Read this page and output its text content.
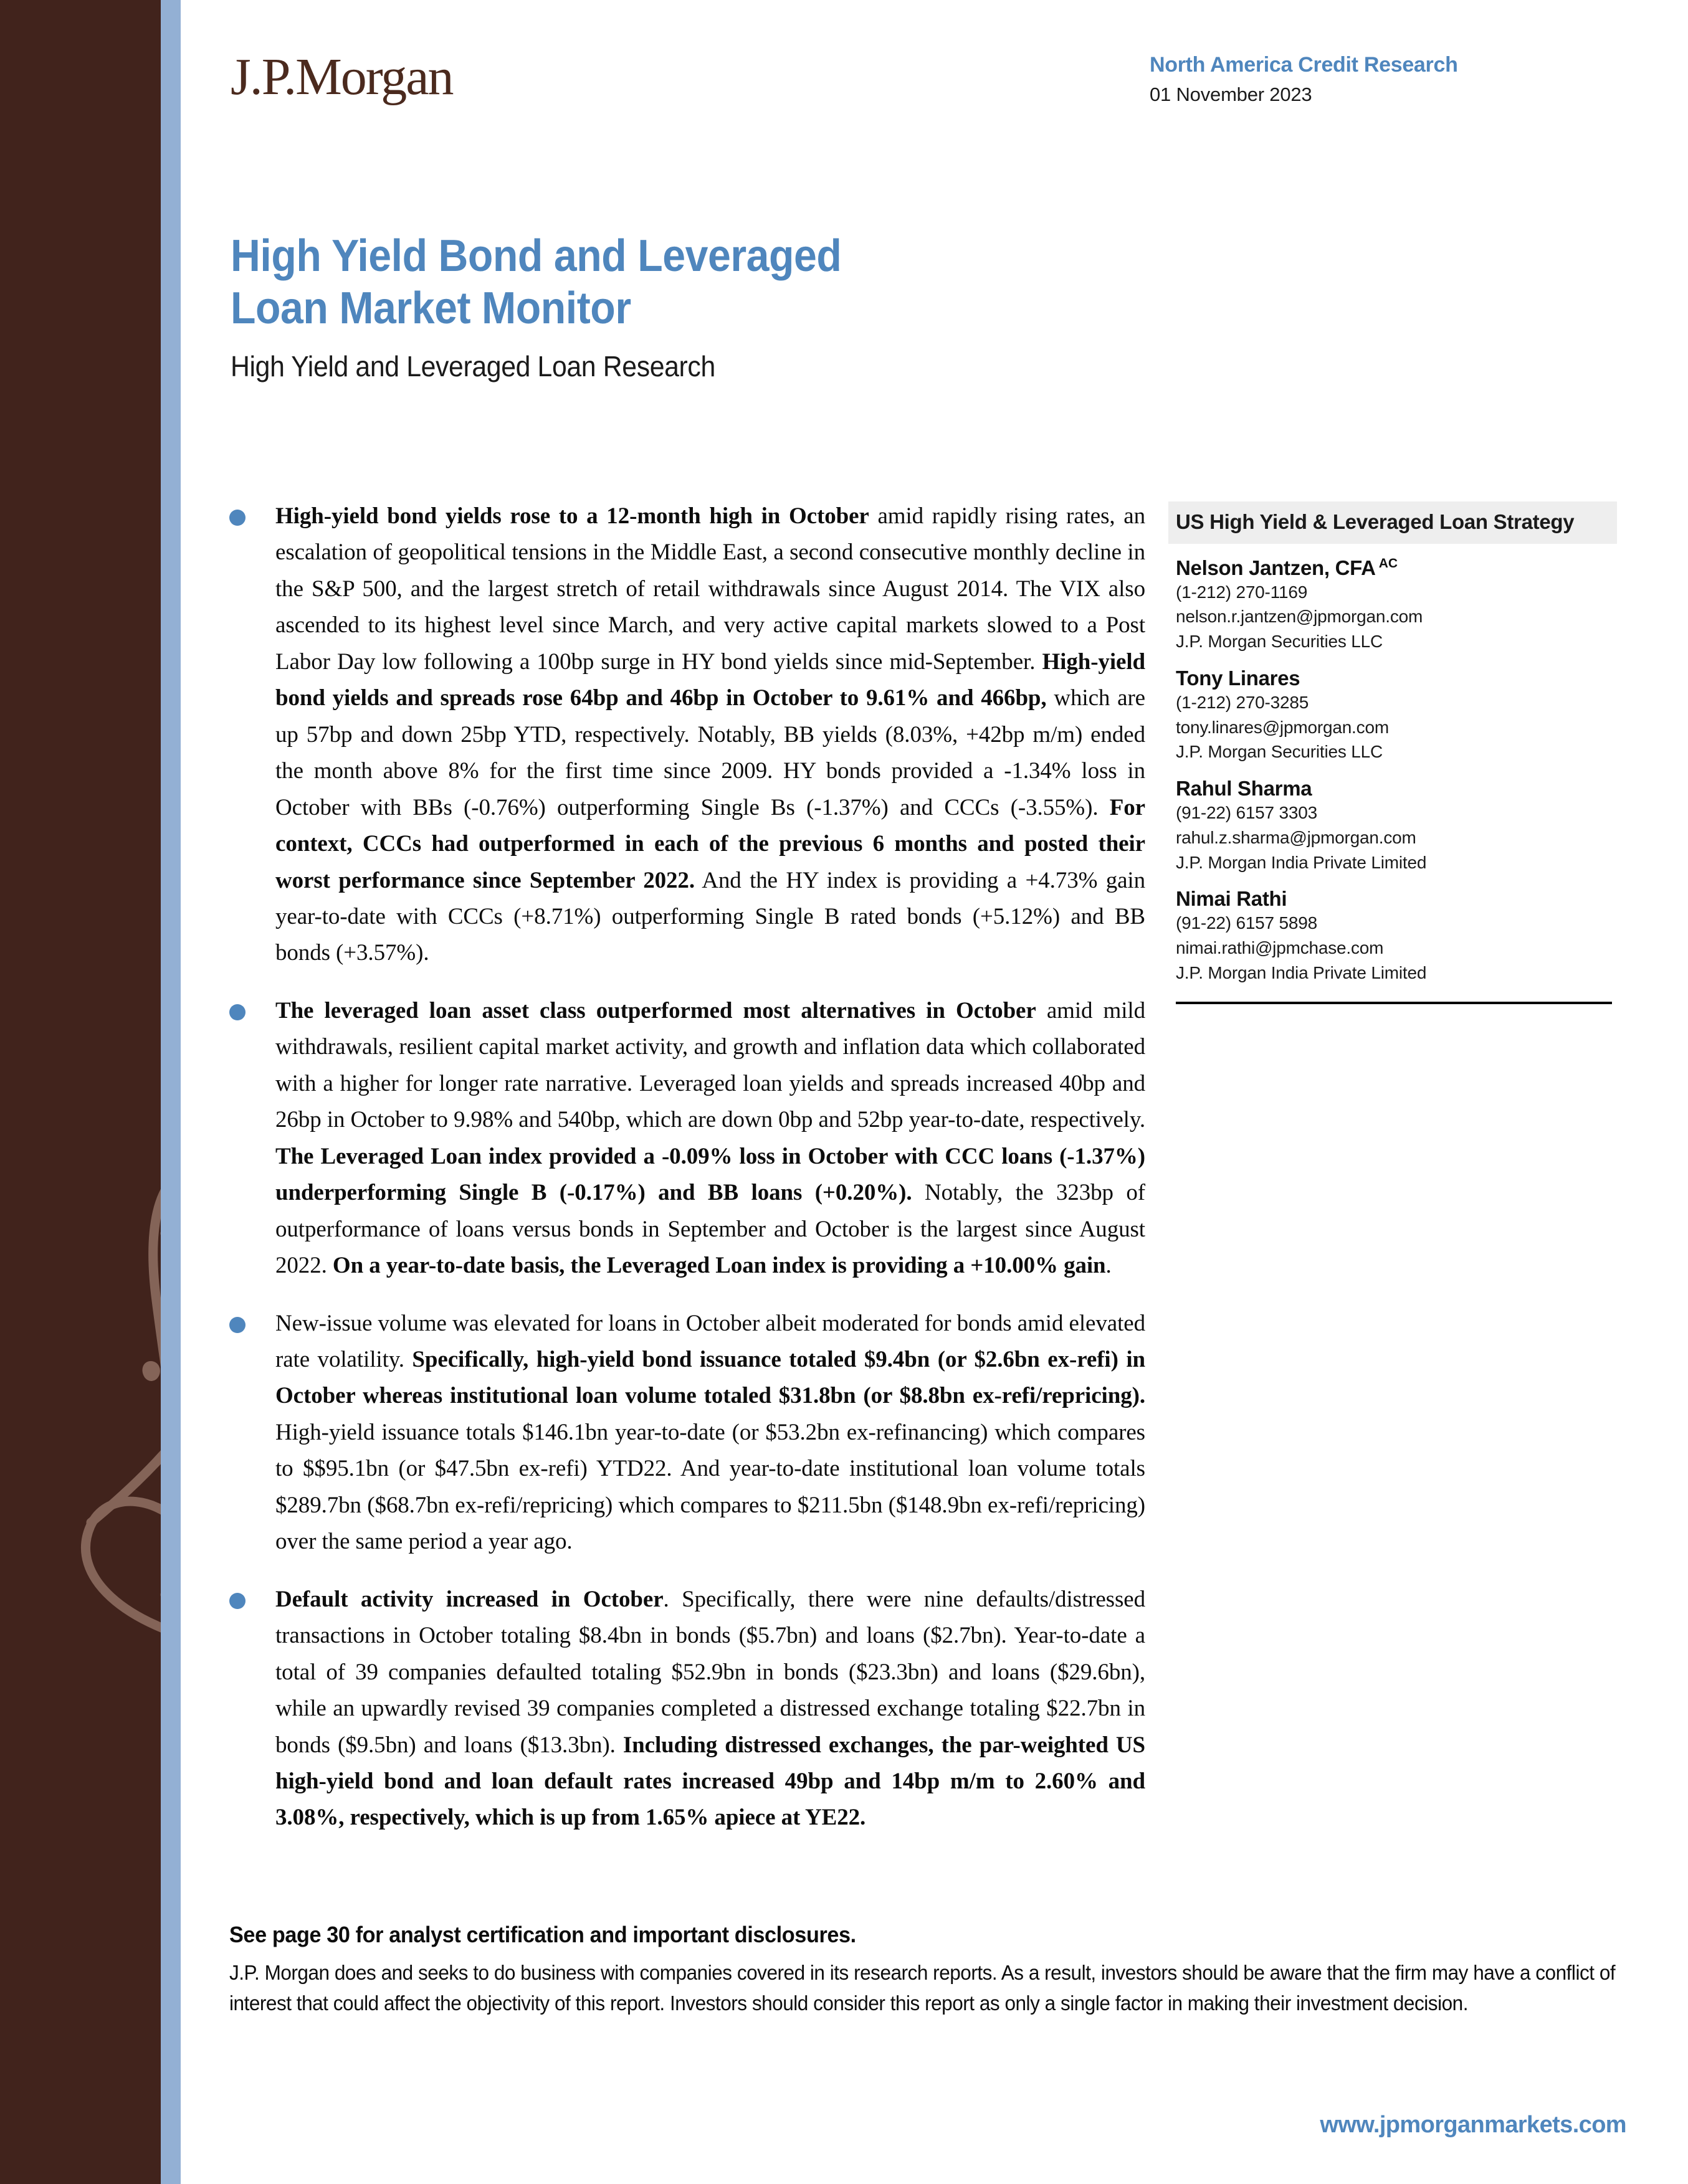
J.P.Morgan	North America Credit Research
01 November 2023
High Yield Bond and Leveraged
Loan Market Monitor
High Yield and Leveraged Loan Research
High-yield bond yields rose to a 12-month high in October amid rapidly rising rates, an escalation of geopolitical tensions in the Middle East, a second consecutive monthly decline in the S&P 500, and the largest stretch of retail withdrawals since August 2014. The VIX also ascended to its highest level since March, and very active capital markets slowed to a Post Labor Day low following a 100bp surge in HY bond yields since mid-September. High-yield bond yields and spreads rose 64bp and 46bp in October to 9.61% and 466bp, which are up 57bp and down 25bp YTD, respectively. Notably, BB yields (8.03%, +42bp m/m) ended the month above 8% for the first time since 2009. HY bonds provided a -1.34% loss in October with BBs (-0.76%) outperforming Single Bs (-1.37%) and CCCs (-3.55%). For context, CCCs had outperformed in each of the previous 6 months and posted their worst performance since September 2022. And the HY index is providing a +4.73% gain year-to-date with CCCs (+8.71%) outperforming Single B rated bonds (+5.12%) and BB bonds (+3.57%).
The leveraged loan asset class outperformed most alternatives in October amid mild withdrawals, resilient capital market activity, and growth and inflation data which collaborated with a higher for longer rate narrative. Leveraged loan yields and spreads increased 40bp and 26bp in October to 9.98% and 540bp, which are down 0bp and 52bp year-to-date, respectively. The Leveraged Loan index provided a -0.09% loss in October with CCC loans (-1.37%) underperforming Single B (-0.17%) and BB loans (+0.20%). Notably, the 323bp of outperformance of loans versus bonds in September and October is the largest since August 2022. On a year-to-date basis, the Leveraged Loan index is providing a +10.00% gain.
New-issue volume was elevated for loans in October albeit moderated for bonds amid elevated rate volatility. Specifically, high-yield bond issuance totaled $9.4bn (or $2.6bn ex-refi) in October whereas institutional loan volume totaled $31.8bn (or $8.8bn ex-refi/repricing). High-yield issuance totals $146.1bn year-to-date (or $53.2bn ex-refinancing) which compares to $$95.1bn (or $47.5bn ex-refi) YTD22. And year-to-date institutional loan volume totals $289.7bn ($68.7bn ex-refi/repricing) which compares to $211.5bn ($148.9bn ex-refi/repricing) over the same period a year ago.
Default activity increased in October. Specifically, there were nine defaults/distressed transactions in October totaling $8.4bn in bonds ($5.7bn) and loans ($2.7bn). Year-to-date a total of 39 companies defaulted totaling $52.9bn in bonds ($23.3bn) and loans ($29.6bn), while an upwardly revised 39 companies completed a distressed exchange totaling $22.7bn in bonds ($9.5bn) and loans ($13.3bn). Including distressed exchanges, the par-weighted US high-yield bond and loan default rates increased 49bp and 14bp m/m to 2.60% and 3.08%, respectively, which is up from 1.65% apiece at YE22.
US High Yield & Leveraged Loan Strategy
Nelson Jantzen, CFA $^{AC}$
(1-212) 270-1169
nelson.r.jantzen@jpmorgan.com
J.P. Morgan Securities LLC
Tony Linares
(1-212) 270-3285
tony.linares@jpmorgan.com
J.P. Morgan Securities LLC
Rahul Sharma
(91-22) 6157 3303
rahul.z.sharma@jpmorgan.com
J.P. Morgan India Private Limited
Nimai Rathi
(91-22) 6157 5898
nimai.rathi@jpmchase.com
J.P. Morgan India Private Limited
See page 30 for analyst certification and important disclosures.
J.P. Morgan does and seeks to do business with companies covered in its research reports. As a result, investors should be aware that the firm may have a conflict of interest that could affect the objectivity of this report. Investors should consider this report as only a single factor in making their investment decision.
www.jpmorganmarkets.com
